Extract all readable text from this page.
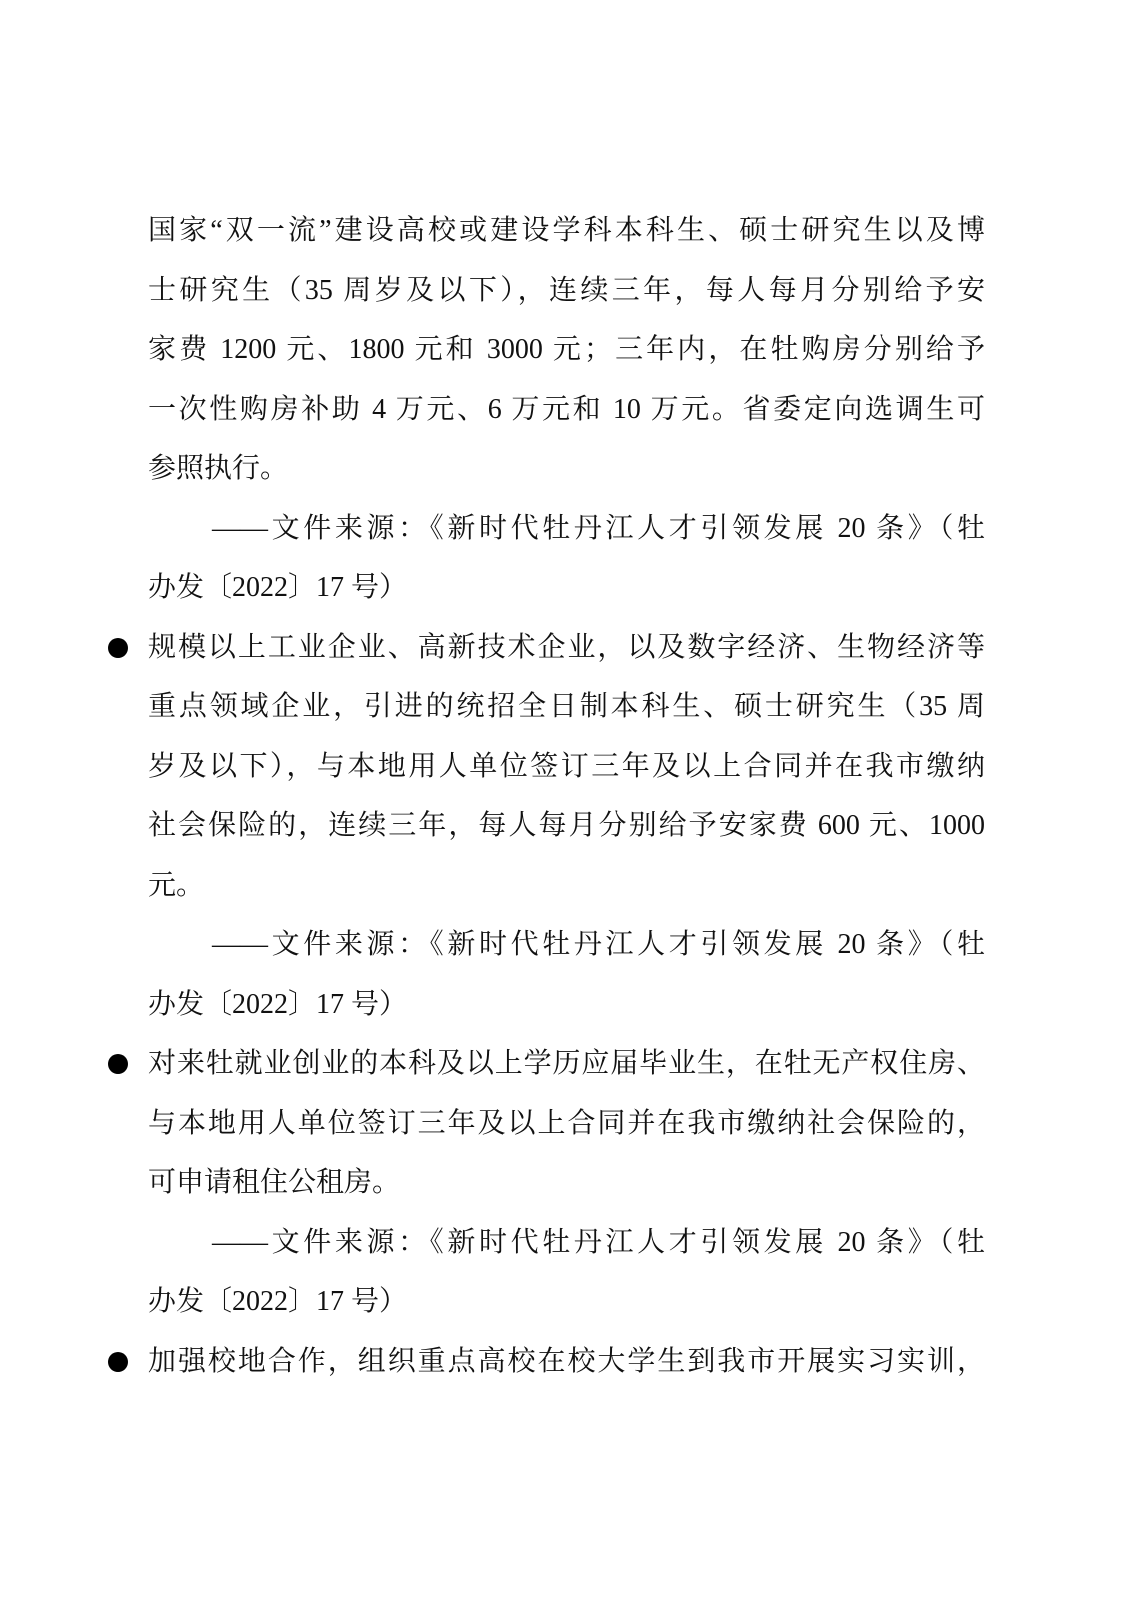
国家“双一流”建设高校或建设学科本科生、硕士研究生以及博
士研究生（35 周岁及以下），连续三年，每人每月分别给予安
家费 1200 元、1800 元和 3000 元；三年内，在牡购房分别给予
一次性购房补助 4 万元、6 万元和 10 万元。省委定向选调生可
参照执行。
——文件来源：《新时代牡丹江人才引领发展 20 条》（牡
办发〔2022〕17 号）
规模以上工业企业、高新技术企业，以及数字经济、生物经济等
重点领域企业，引进的统招全日制本科生、硕士研究生（35 周
岁及以下），与本地用人单位签订三年及以上合同并在我市缴纳
社会保险的，连续三年，每人每月分别给予安家费 600 元、1000
元。
——文件来源：《新时代牡丹江人才引领发展 20 条》（牡
办发〔2022〕17 号）
对来牡就业创业的本科及以上学历应届毕业生，在牡无产权住房、
与本地用人单位签订三年及以上合同并在我市缴纳社会保险的，
可申请租住公租房。
——文件来源：《新时代牡丹江人才引领发展 20 条》（牡
办发〔2022〕17 号）
加强校地合作，组织重点高校在校大学生到我市开展实习实训，
